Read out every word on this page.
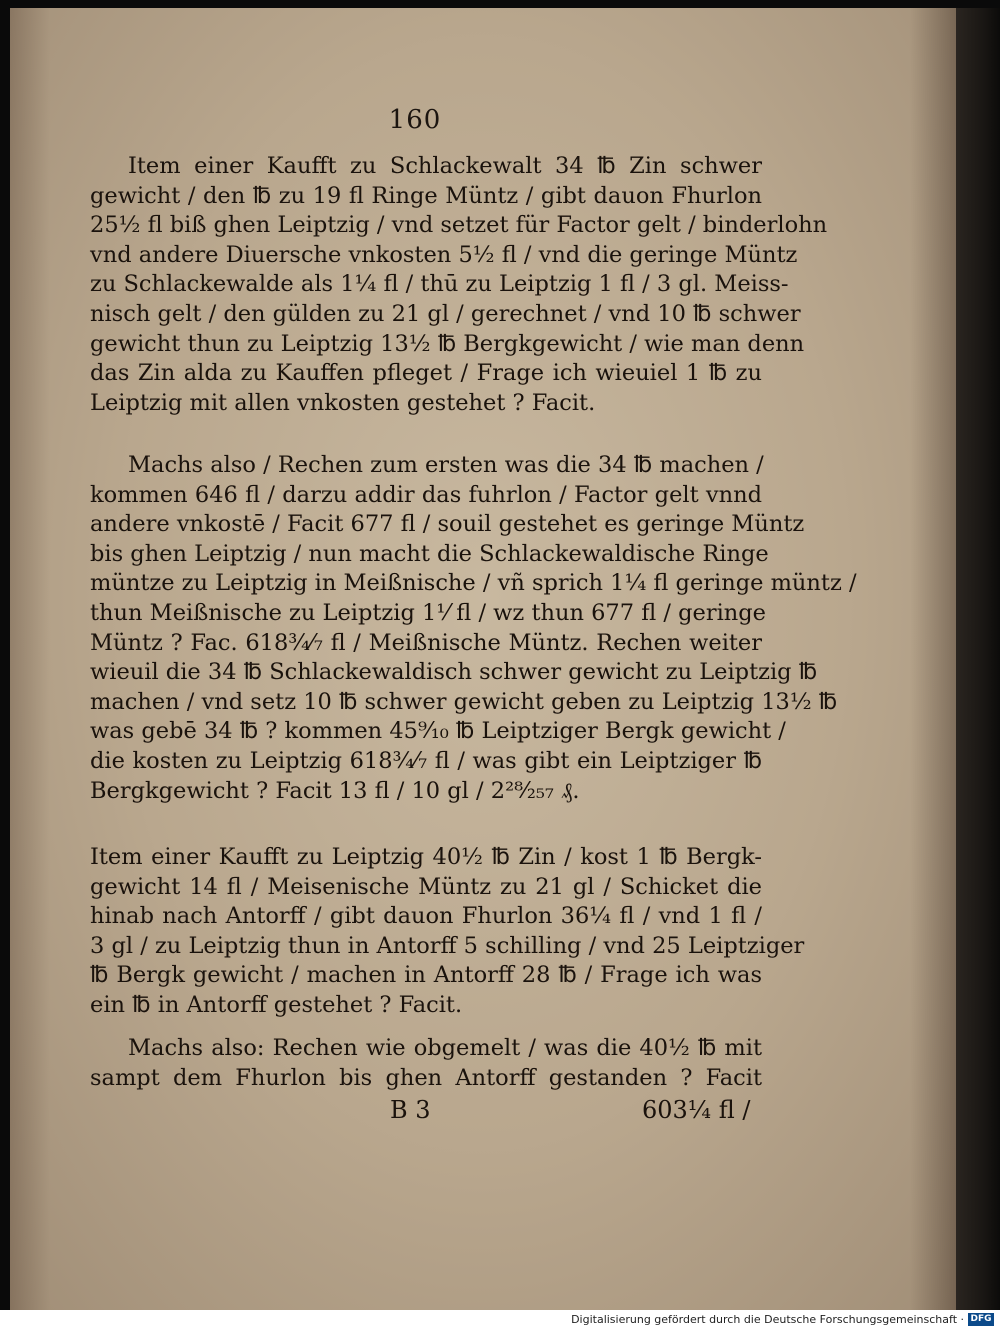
160
Item einer Kaufft zu Schlackewalt 34 ℔ Zin schwer
gewicht / den ℔ zu 19 fl Ringe Müntz / gibt dauon Fhurlon
25½ fl biß ghen Leiptzig / vnd setzet für Factor gelt / binderlohn
vnd andere Diuersche vnkosten 5½ fl / vnd die geringe Müntz
zu Schlackewalde als 1¼ fl / thū zu Leiptzig 1 fl / 3 gl. Meiss-
nisch gelt / den gülden zu 21 gl / gerechnet / vnd 10 ℔ schwer
gewicht thun zu Leiptzig 13½ ℔ Bergkgewicht / wie man denn
das Zin alda zu Kauffen pfleget / Frage ich wieuiel 1 ℔ zu
Leiptzig mit allen vnkosten gestehet ? Facit.
Machs also / Rechen zum ersten was die 34 ℔ machen /
kommen 646 fl / darzu addir das fuhrlon / Factor gelt vnnd
andere vnkostē / Facit 677 fl / souil gestehet es geringe Müntz
bis ghen Leiptzig / nun macht die Schlackewaldische Ringe
müntze zu Leiptzig in Meißnische / vñ sprich 1¼ fl geringe müntz /
thun Meißnische zu Leiptzig 1⅟ fl / wz thun 677 fl / geringe
Müntz ? Fac. 618¾⁄₇ fl / Meißnische Müntz. Rechen weiter
wieuil die 34 ℔ Schlackewaldisch schwer gewicht zu Leiptzig ℔
machen / vnd setz 10 ℔ schwer gewicht geben zu Leiptzig 13½ ℔
was gebē 34 ℔ ? kommen 45⁹⁄₁₀ ℔ Leiptziger Bergk gewicht /
die kosten zu Leiptzig 618¾⁄₇ fl / was gibt ein Leiptziger ℔
Bergkgewicht ? Facit 13 fl / 10 gl / 2²⁸⁄₂₅₇ ₰.
Item einer Kaufft zu Leiptzig 40½ ℔ Zin / kost 1 ℔ Bergk-
gewicht 14 fl / Meisenische Müntz zu 21 gl / Schicket die
hinab nach Antorff / gibt dauon Fhurlon 36¼ fl / vnd 1 fl /
3 gl / zu Leiptzig thun in Antorff 5 schilling / vnd 25 Leiptziger
℔ Bergk gewicht / machen in Antorff 28 ℔ / Frage ich was
ein ℔ in Antorff gestehet ? Facit.
Machs also: Rechen wie obgemelt / was die 40½ ℔ mit
sampt dem Fhurlon bis ghen Antorff gestanden ? Facit
B 3	603¼ fl /
Digitalisierung gefördert durch die Deutsche Forschungsgemeinschaft · DFG
